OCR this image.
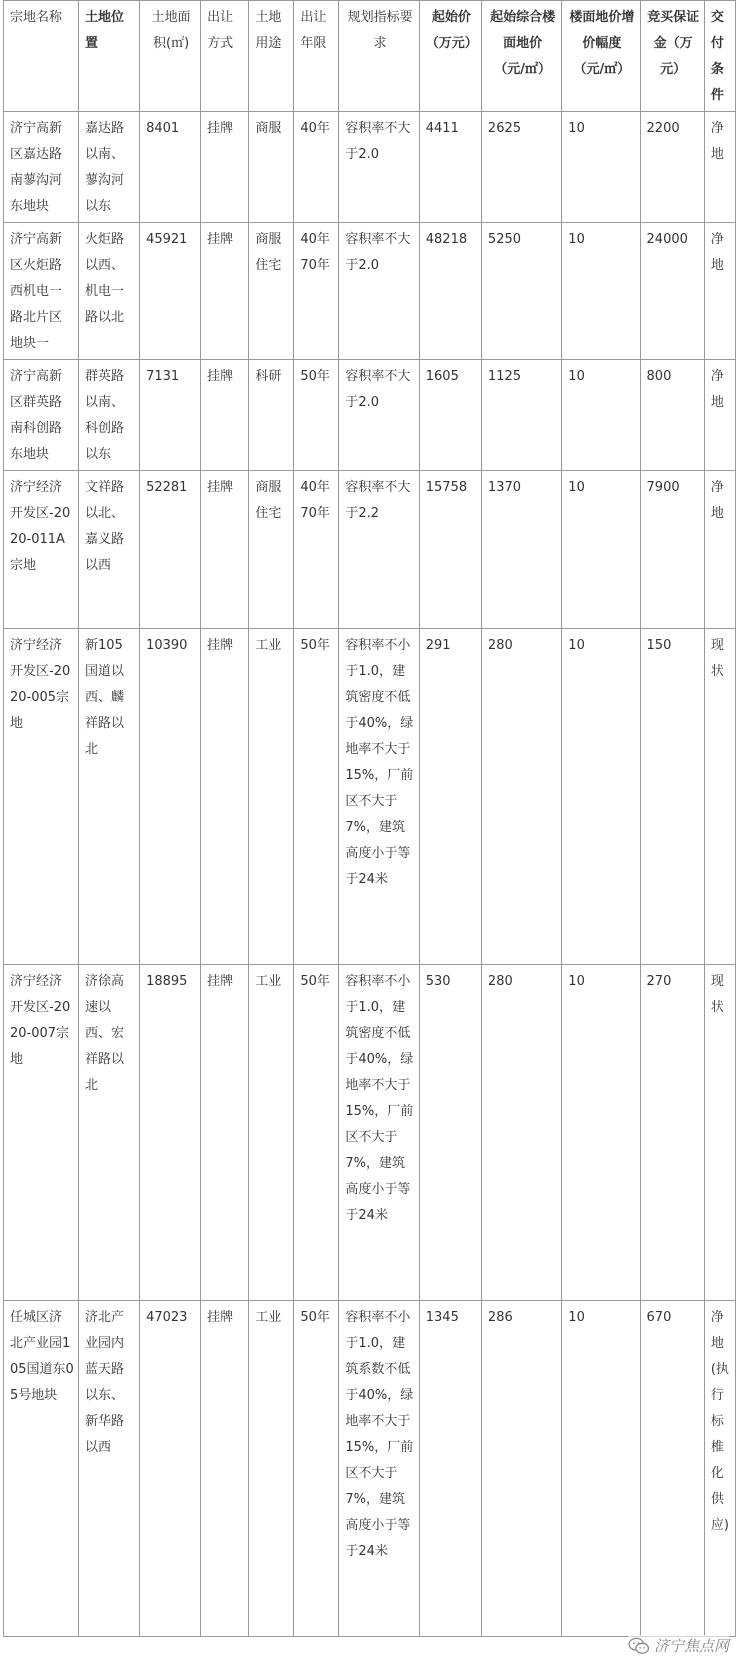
宗地名称	土地位置	土地面积(㎡)	出让方式	土地用途	出让年限	规划指标要求	起始价（万元）	起始综合楼面地价（元/㎡）	楼面地价增价幅度（元/㎡）	竞买保证金（万元）	交付条件
济宁高新区嘉达路南蓼沟河东地块	嘉达路以南、蓼沟河以东	8401	挂牌	商服	40年	容积率不大于2.0	4411	2625	10	2200	净地
济宁高新区火炬路西机电一路北片区地块一	火炬路以西、机电一路以北	45921	挂牌	商服住宅	40年70年	容积率不大于2.0	48218	5250	10	24000	净地
济宁高新区群英路南科创路东地块	群英路以南、科创路以东	7131	挂牌	科研	50年	容积率不大于2.0	1605	1125	10	800	净地
济宁经济开发区-2020-011A宗地	文祥路以北、嘉义路以西	52281	挂牌	商服住宅	40年70年	容积率不大于2.2	15758	1370	10	7900	净地
济宁经济开发区-2020-005宗地	新105国道以西、麟祥路以北	10390	挂牌	工业	50年	容积率不小于1.0，建筑密度不低于40%，绿地率不大于15%，厂前区不大于7%，建筑高度小于等于24米	291	280	10	150	现状
济宁经济开发区-2020-007宗地	济徐高速以西、宏祥路以北	18895	挂牌	工业	50年	容积率不小于1.0，建筑密度不低于40%，绿地率不大于15%，厂前区不大于7%，建筑高度小于等于24米	530	280	10	270	现状
任城区济北产业园105国道东05号地块	济北产业园内蓝天路以东、新华路以西	47023	挂牌	工业	50年	容积率不小于1.0，建筑系数不低于40%，绿地率不大于15%，厂前区不大于7%，建筑高度小于等于24米	1345	286	10	670	净地(执行标椎化供应)
济宁焦点网
